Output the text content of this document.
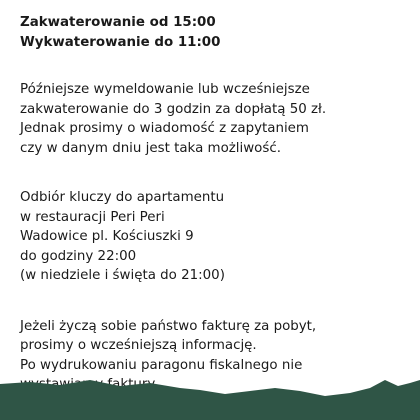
Zakwaterowanie od 15:00
Wykwaterowanie do 11:00
Późniejsze wymeldowanie lub wcześniejsze
zakwaterowanie do 3 godzin za dopłatą 50 zł.
Jednak prosimy o wiadomość z zapytaniem
czy w danym dniu jest taka możliwość.
Odbiór kluczy do apartamentu
w restauracji Peri Peri
Wadowice pl. Kościuszki 9
do godziny 22:00
(w niedziele i święta do 21:00)
Jeżeli życzą sobie państwo fakturę za pobyt,
prosimy o wcześniejszą informację.
Po wydrukowaniu paragonu fiskalnego nie
